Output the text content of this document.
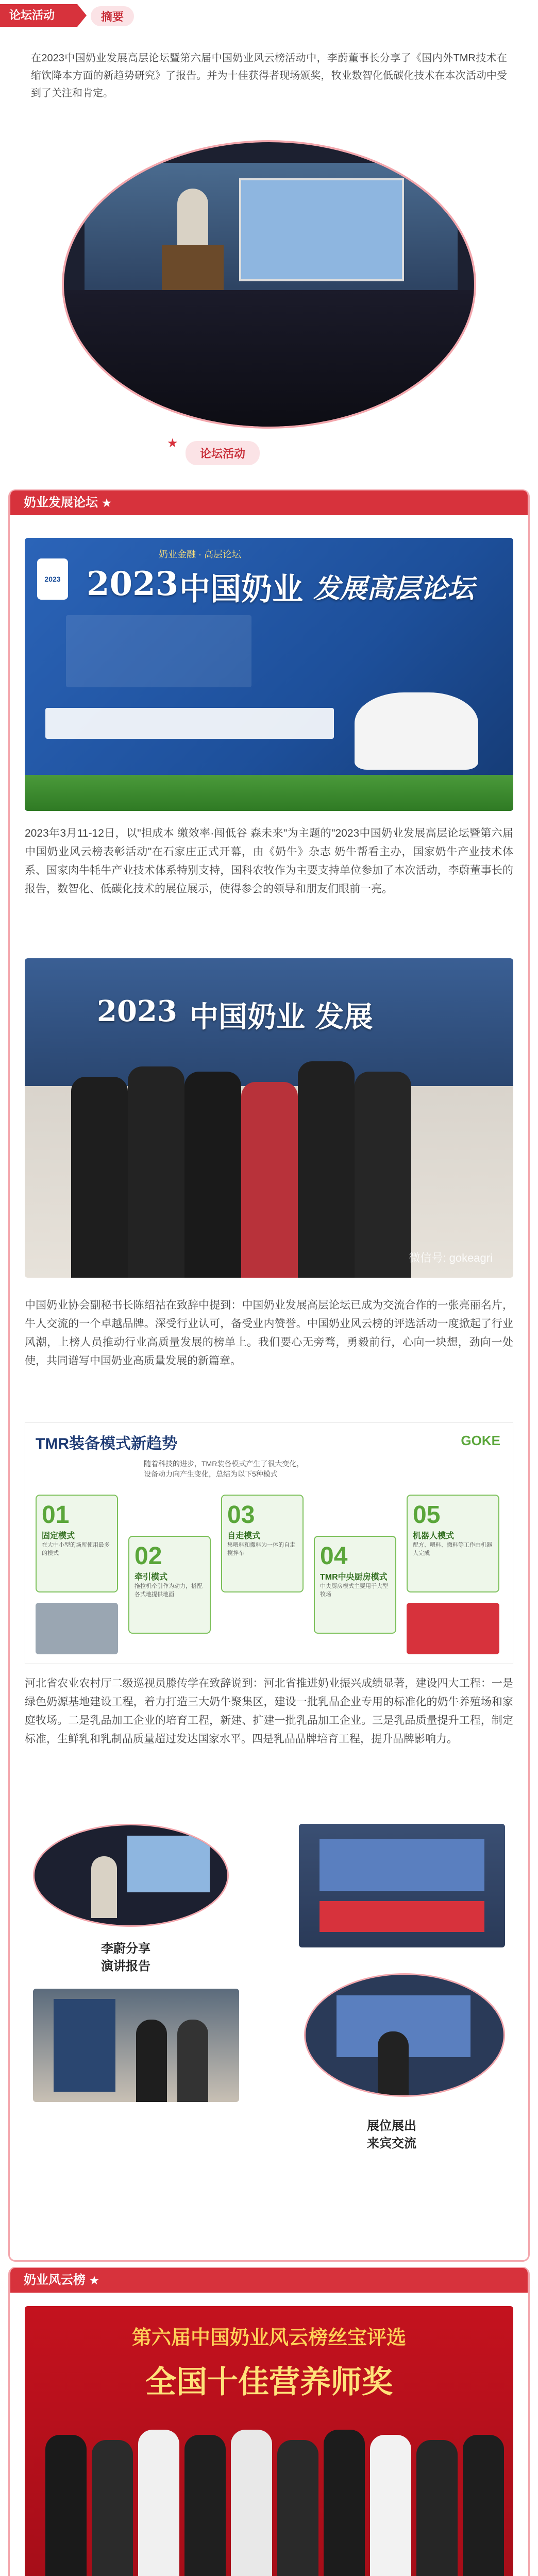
论坛活动	摘要

在2023中国奶业发展高层论坛暨第六届中国奶业风云榜活动中，李蔚董事长分享了《国内外TMR技术在缩饮降本方面的新趋势研究》了报告。并为十佳获得者现场颁奖，牧业数智化低碳化技术在本次活动中受到了关注和肯定。

★
论坛活动
奶业发展论坛 ★
2023
奶业金融 · 高层论坛
2023 中国奶业 发展高层论坛

2023年3月11-12日，以"担成本 缴效率·闯低谷 森未来"为主题的"2023中国奶业发展高层论坛暨第六届中国奶业风云榜表彰活动"在石家庄正式开幕，由《奶牛》杂志 奶牛帮看主办，国家奶牛产业技术体系、国家肉牛牦牛产业技术体系特别支持，国科农牧作为主要支持单位参加了本次活动，李蔚董事长的报告，数智化、低碳化技术的展位展示，使得参会的领导和朋友们眼前一亮。

2023 中国奶业 发展
微信号: gokeagri

中国奶业协会副秘书长陈绍祜在致辞中提到：中国奶业发展高层论坛已成为交流合作的一张亮丽名片，牛人交流的一个卓越品牌。深受行业认可，备受业内赞誉。中国奶业风云榜的评选活动一度掀起了行业风潮，上榜人员推动行业高质量发展的榜单上。我们要心无旁骛，勇毅前行，心向一块想，劲向一处使，共同谱写中国奶业高质量发展的新篇章。

TMR装备模式新趋势	GOKE
随着科技的进步，TMR装备模式产生了很大变化，
设备动力向产生变化，总结为以下5种模式
01
固定模式
在大中小型的场所使用最多的模式	02
牵引模式
拖拉机牵引作为动力，搭配各式地提供地面
03
自走模式
集喂料和撒料为一体的自走搅拌车	04
TMR中央厨房模式
中央厨房模式主要用于大型牧场
05
机器人模式
配方、喂料、撒料等工作由机器人完成

河北省农业农村厅二级巡视员滕传学在致辞说到：河北省推进奶业振兴成绩显著，建设四大工程：一是绿色奶源基地建设工程，着力打造三大奶牛聚集区，建设一批乳品企业专用的标准化的奶牛养殖场和家庭牧场。二是乳品加工企业的培育工程，新建、扩建一批乳品加工企业。三是乳品质量提升工程，制定标准，生鲜乳和乳制品质量超过发达国家水平。四是乳品品牌培育工程，提升品牌影响力。

李蔚分享
演讲报告
展位展出
来宾交流
奶业风云榜 ★
第六届中国奶业风云榜丝宝评选
全国十佳营养师奖
